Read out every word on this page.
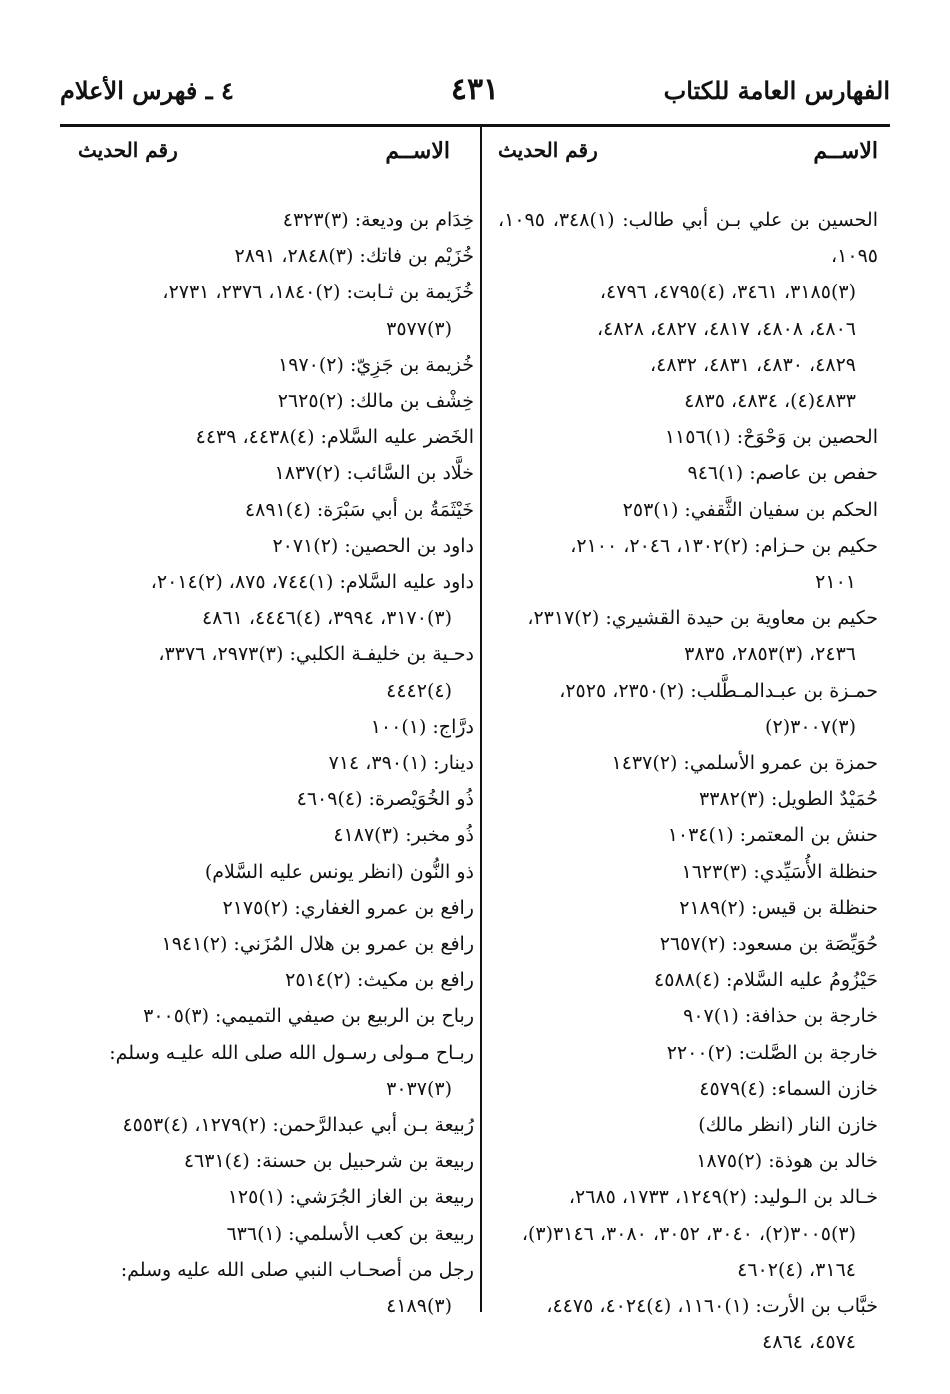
الفهارس العامة للكتاب
٤٣١
٤ ـ فهرس الأعلام
الاســم
رقم الحديث
الاســم
رقم الحديث
الحسين بن علي بـن أبي طالب: (١)٣٤٨، ١٠٩٥، ١٠٩٥،
(٣)٣١٨٥، ٣٤٦١، (٤)٤٧٩٥، ٤٧٩٦،
٤٨٠٦، ٤٨٠٨، ٤٨١٧، ٤٨٢٧، ٤٨٢٨،
٤٨٢٩، ٤٨٣٠، ٤٨٣١، ٤٨٣٢،
٤٨٣٣(٤)، ٤٨٣٤، ٤٨٣٥
الحصين بن وَحْوَحْ: (١)١١٥٦
حفص بن عاصم: (١)٩٤٦
الحكم بن سفيان الثَّقفي: (١)٢٥٣
حكيم بن حـزام: (٢)١٣٠٢، ٢٠٤٦، ٢١٠٠،
٢١٠١
حكيم بن معاوية بن حيدة القشيري: (٢)٢٣١٧،
٢٤٣٦، (٣)٢٨٥٣، ٣٨٣٥
حمـزة بن عبـدالمـطَّلب: (٢)٢٣٥٠، ٢٥٢٥،
(٣)٣٠٠٧(٢)
حمزة بن عمرو الأسلمي: (٢)١٤٣٧
حُمَيْدٌ الطويل: (٣)٣٣٨٢
حنش بن المعتمر: (١)١٠٣٤
حنظلة الأُسَيِّدي: (٣)١٦٢٣
حنظلة بن قيس: (٢)٢١٨٩
حُوَيِّصَة بن مسعود: (٢)٢٦٥٧
حَيْزُومُ عليه السَّلام: (٤)٤٥٨٨
خارجة بن حذافة: (١)٩٠٧
خارجة بن الصَّلت: (٢)٢٢٠٠
خازن السماء: (٤)٤٥٧٩
خازن النار (انظر مالك)
خالد بن هوذة: (٢)١٨٧٥
خـالد بن الـوليد: (٢)١٢٤٩، ١٧٣٣، ٢٦٨٥،
(٣)٣٠٠٥(٢)، ٣٠٤٠، ٣٠٥٢، ٣٠٨٠، ٣١٤٦(٣)،
٣١٦٤، (٤)٤٦٠٢
خبَّاب بن الأرت: (١)١١٦٠، (٤)٤٠٢٤، ٤٤٧٥،
٤٥٧٤، ٤٨٦٤
خِدَام بن وديعة: (٣)٤٣٢٣
خُزَيْم بن فاتك: (٣)٢٨٤٨، ٢٨٩١
خُزَيمة بن ثـابت: (٢)١٨٤٠، ٢٣٧٦، ٢٧٣١،
(٣)٣٥٧٧
خُزيمة بن جَزِيّ: (٢)١٩٧٠
خِشْف بن مالك: (٢)٢٦٢٥
الخَضر عليه السَّلام: (٤)٤٤٣٨، ٤٤٣٩
خلَّاد بن السَّائب: (٢)١٨٣٧
خَيْثَمَةُ بن أبي سَبْرَة: (٤)٤٨٩١
داود بن الحصين: (٢)٢٠٧١
داود عليه السَّلام: (١)٧٤٤، ٨٧٥، (٢)٢٠١٤،
(٣)٣١٧٠، ٣٩٩٤، (٤)٤٤٤٦، ٤٨٦١
دحـية بن خليفـة الكلبي: (٣)٢٩٧٣، ٣٣٧٦،
(٤)٤٤٤٢
درَّاج: (١)١٠٠
دينار: (١)٣٩٠، ٧١٤
ذُو الخُوَيْصرة: (٤)٤٦٠٩
ذُو مخبر: (٣)٤١٨٧
ذو النُّون (انظر يونس عليه السَّلام)
رافع بن عمرو الغفاري: (٢)٢١٧٥
رافع بن عمرو بن هلال المُزَني: (٢)١٩٤١
رافع بن مكيث: (٢)٢٥١٤
رباح بن الربيع بن صيفي التميمي: (٣)٣٠٠٥
ربـاح مـولى رسـول الله صلى الله عليـه وسلم:
(٣)٣٠٣٧
رُبيعة بـن أبي عبدالرَّحمن: (٢)١٢٧٩، (٤)٤٥٥٣
ربيعة بن شرحبيل بن حسنة: (٤)٤٦٣١
ربيعة بن الغاز الجُرَشي: (١)١٢٥
ربيعة بن كعب الأسلمي: (١)٦٣٦
رجل من أصحـاب النبي صلى الله عليه وسلم:
(٣)٤١٨٩
